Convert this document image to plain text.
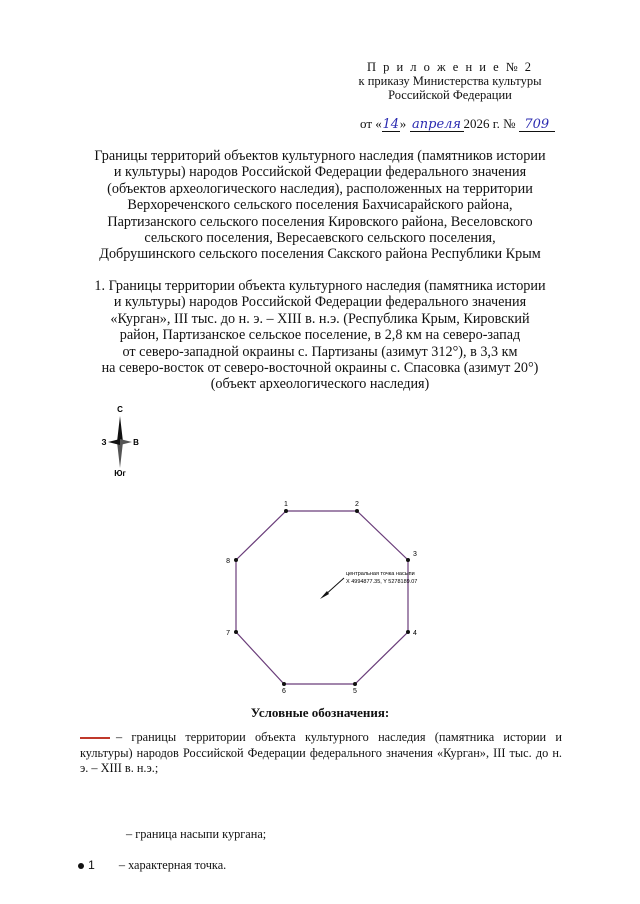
П р и л о ж е н и е № 2
к приказу Министерства культуры
Российской Федерации
от «14» апреля 2026 г. № 709
Границы территорий объектов культурного наследия (памятников истории
и культуры) народов Российской Федерации федерального значения
(объектов археологического наследия), расположенных на территории
Верхореченского сельского поселения Бахчисарайского района,
Партизанского сельского поселения Кировского района, Веселовского
сельского поселения, Вересаевского сельского поселения,
Добрушинского сельского поселения Сакского района Республики Крым
1. Границы территории объекта культурного наследия (памятника истории
и культуры) народов Российской Федерации федерального значения
«Курган», III тыс. до н. э. – XIII в. н.э. (Республика Крым, Кировский
район, Партизанское сельское поселение, в 2,8 км на северо-запад
от северо-западной окраины с. Партизаны (азимут 312°), в 3,3 км
на северо-восток от северо-восточной окраины с. Спасовка (азимут 20°)
(объект археологического наследия)
С
З	В
Юг
центральная точка насыпи
X 4994877.35, Y 5278189.07
1	2
3
4
5
6
7
8
Условные обозначения:
– границы территории объекта культурного наследия (памятника истории и культуры) народов Российской Федерации федерального значения «Курган», III тыс. до н. э. – XIII в. н.э.;
– граница насыпи кургана;
1 – характерная точка.
